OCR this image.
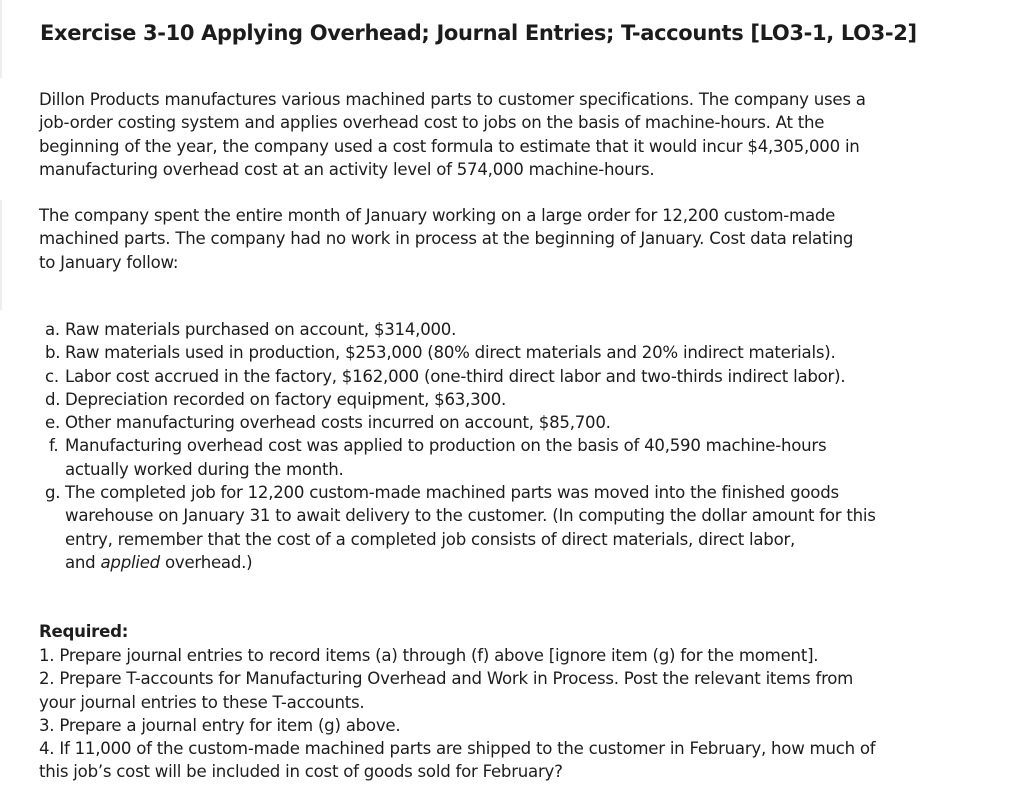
Exercise 3-10 Applying Overhead; Journal Entries; T-accounts [LO3-1, LO3-2]

Dillon Products manufactures various machined parts to customer specifications. The company uses a
job-order costing system and applies overhead cost to jobs on the basis of machine-hours. At the
beginning of the year, the company used a cost formula to estimate that it would incur $4,305,000 in
manufacturing overhead cost at an activity level of 574,000 machine-hours.

The company spent the entire month of January working on a large order for 12,200 custom-made
machined parts. The company had no work in process at the beginning of January. Cost data relating
to January follow:

a. Raw materials purchased on account, $314,000.
b. Raw materials used in production, $253,000 (80% direct materials and 20% indirect materials).
c. Labor cost accrued in the factory, $162,000 (one-third direct labor and two-thirds indirect labor).
d. Depreciation recorded on factory equipment, $63,300.
e. Other manufacturing overhead costs incurred on account, $85,700.
f. Manufacturing overhead cost was applied to production on the basis of 40,590 machine-hours
actually worked during the month.
g. The completed job for 12,200 custom-made machined parts was moved into the finished goods
warehouse on January 31 to await delivery to the customer. (In computing the dollar amount for this
entry, remember that the cost of a completed job consists of direct materials, direct labor,
and applied overhead.)
Required:
1. Prepare journal entries to record items (a) through (f) above [ignore item (g) for the moment].
2. Prepare T-accounts for Manufacturing Overhead and Work in Process. Post the relevant items from
your journal entries to these T-accounts.
3. Prepare a journal entry for item (g) above.
4. If 11,000 of the custom-made machined parts are shipped to the customer in February, how much of
this job’s cost will be included in cost of goods sold for February?
